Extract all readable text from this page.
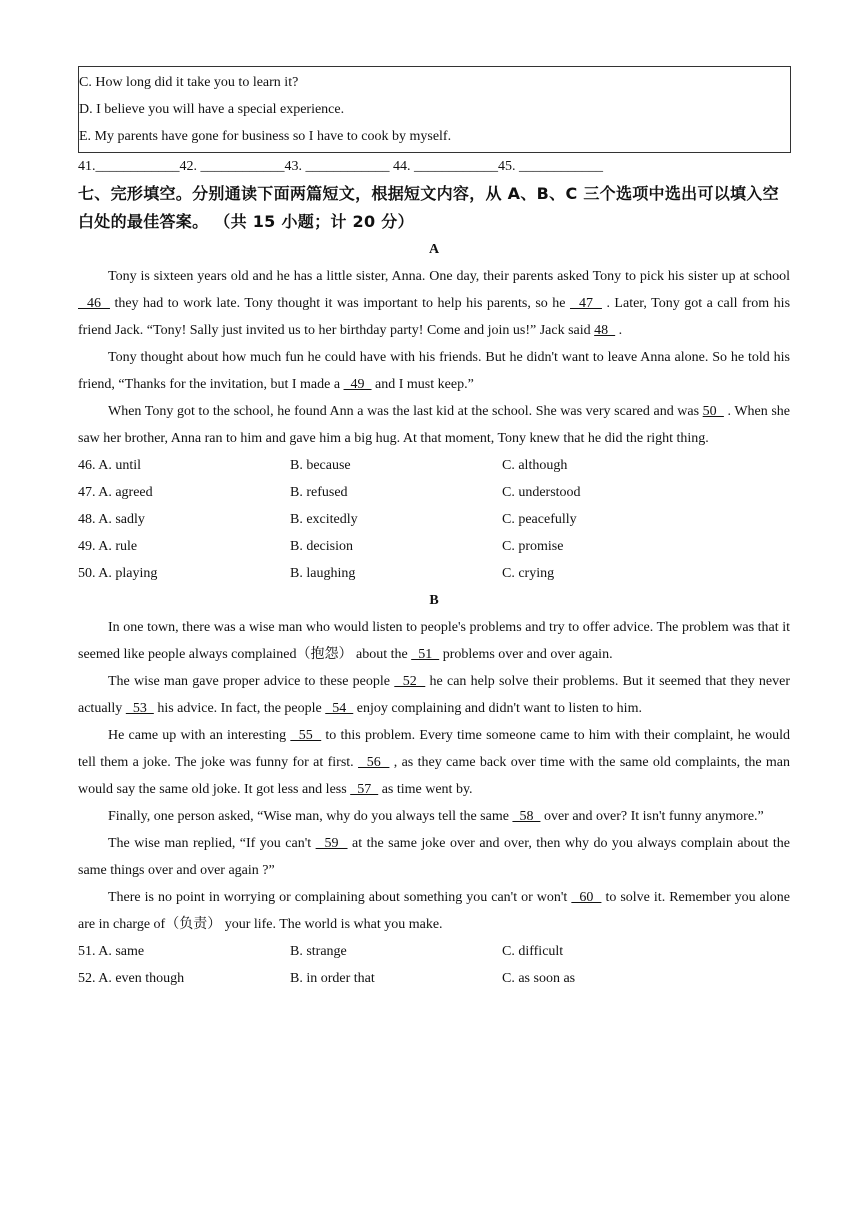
C. How long did it take you to learn it?
D. I believe you will have a special experience.
E. My parents have gone for business so I have to cook by myself.
41.____________42. ____________43. ____________ 44. ____________45. ____________
七、完形填空。分别通读下面两篇短文，根据短文内容，从 A、B、C 三个选项中选出可以填入空白处的最佳答案。 （共 15 小题；计 20 分）
A
Tony is sixteen years old and he has a little sister, Anna. One day, their parents asked Tony to pick his sister up at school   46   they had to work late. Tony thought it was important to help his parents, so he   47   . Later, Tony got a call from his friend Jack. “Tony! Sally just invited us to her birthday party! Come and join us!” Jack said 48   .
Tony thought about how much fun he could have with his friends. But he didn't want to leave Anna alone. So he told his friend, “Thanks for the invitation, but I made a   49   and I must keep.”
When Tony got to the school, he found Ann a was the last kid at the school. She was very scared and was 50   . When she saw her brother, Anna ran to him and gave him a big hug. At that moment, Tony knew that he did the right thing.
46. A. until	B. because	C. although
47. A. agreed	B. refused	C. understood
48. A. sadly	B. excitedly	C. peacefully
49. A. rule	B. decision	C. promise
50. A. playing	B. laughing	C. crying
B
In one town, there was a wise man who would listen to people's problems and try to offer advice. The problem was that it seemed like people always complained（抱怨） about the   51   problems over and over again.
The wise man gave proper advice to these people   52   he can help solve their problems. But it seemed that they never actually   53   his advice. In fact, the people   54   enjoy complaining and didn't want to listen to him.
He came up with an interesting   55   to this problem. Every time someone came to him with their complaint, he would tell them a joke. The joke was funny for at first.   56   , as they came back over time with the same old complaints, the man would say the same old joke. It got less and less   57   as time went by.
Finally, one person asked, “Wise man, why do you always tell the same   58   over and over? It isn't funny anymore.”
The wise man replied, “If you can't   59   at the same joke over and over, then why do you always complain about the same things over and over again ?”
There is no point in worrying or complaining about something you can't or won't   60   to solve it. Remember you alone are in charge of（负责） your life. The world is what you make.
51. A. same	B. strange	C. difficult
52. A. even though	B. in order that	C. as soon as
